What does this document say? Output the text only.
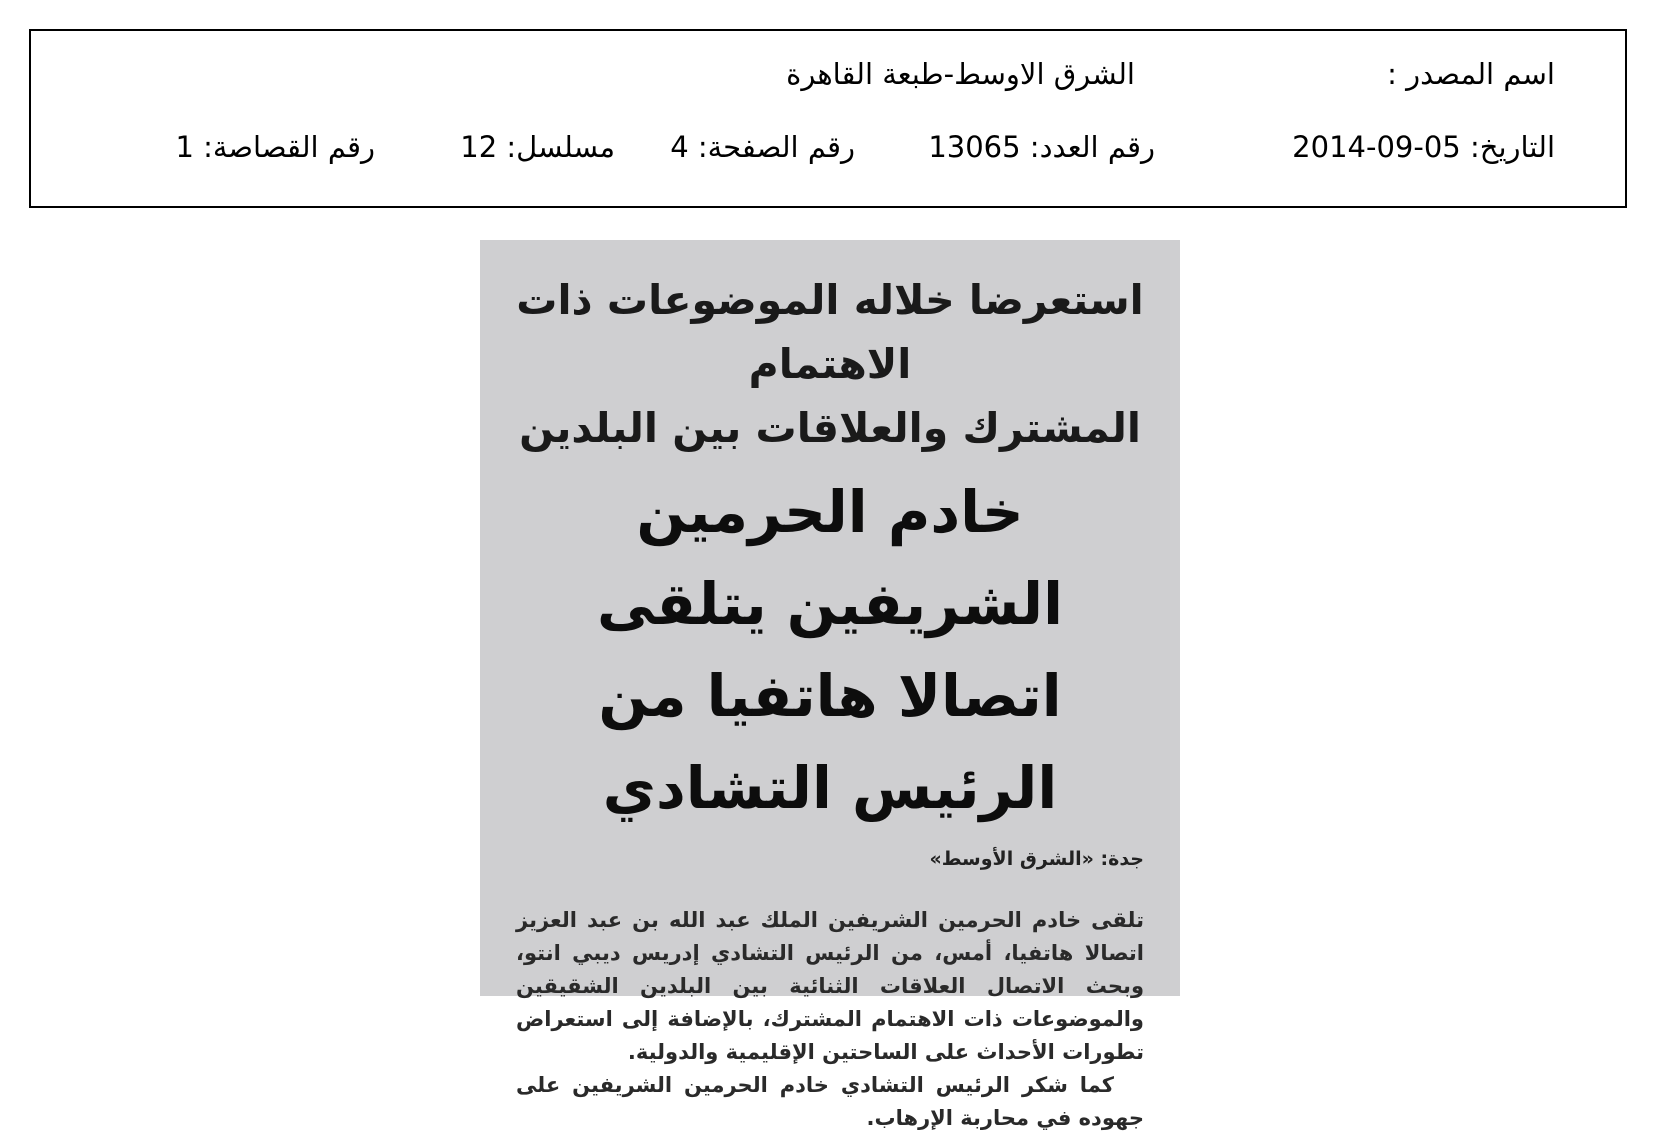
اسم المصدر :
الشرق الاوسط-طبعة القاهرة
التاريخ: 05-09-2014
رقم العدد: 13065
رقم الصفحة: 4
مسلسل: 12
رقم القصاصة: 1
استعرضا خلاله الموضوعات ذات الاهتمام
المشترك والعلاقات بين البلدين
خادم الحرمين الشريفين يتلقى
اتصالا هاتفيا من الرئيس التشادي
جدة: «الشرق الأوسط»

تلقى خادم الحرمين الشريفين الملك عبد الله بن عبد العزيز اتصالا هاتفيا، أمس، من الرئيس التشادي إدريس ديبي انتو، وبحث الاتصال العلاقات الثنائية بين البلدين الشقيقين والموضوعات ذات الاهتمام المشترك، بالإضافة إلى استعراض تطورات الأحداث على الساحتين الإقليمية والدولية.

كما شكر الرئيس التشادي خادم الحرمين الشريفين على جهوده في محاربة الإرهاب.
